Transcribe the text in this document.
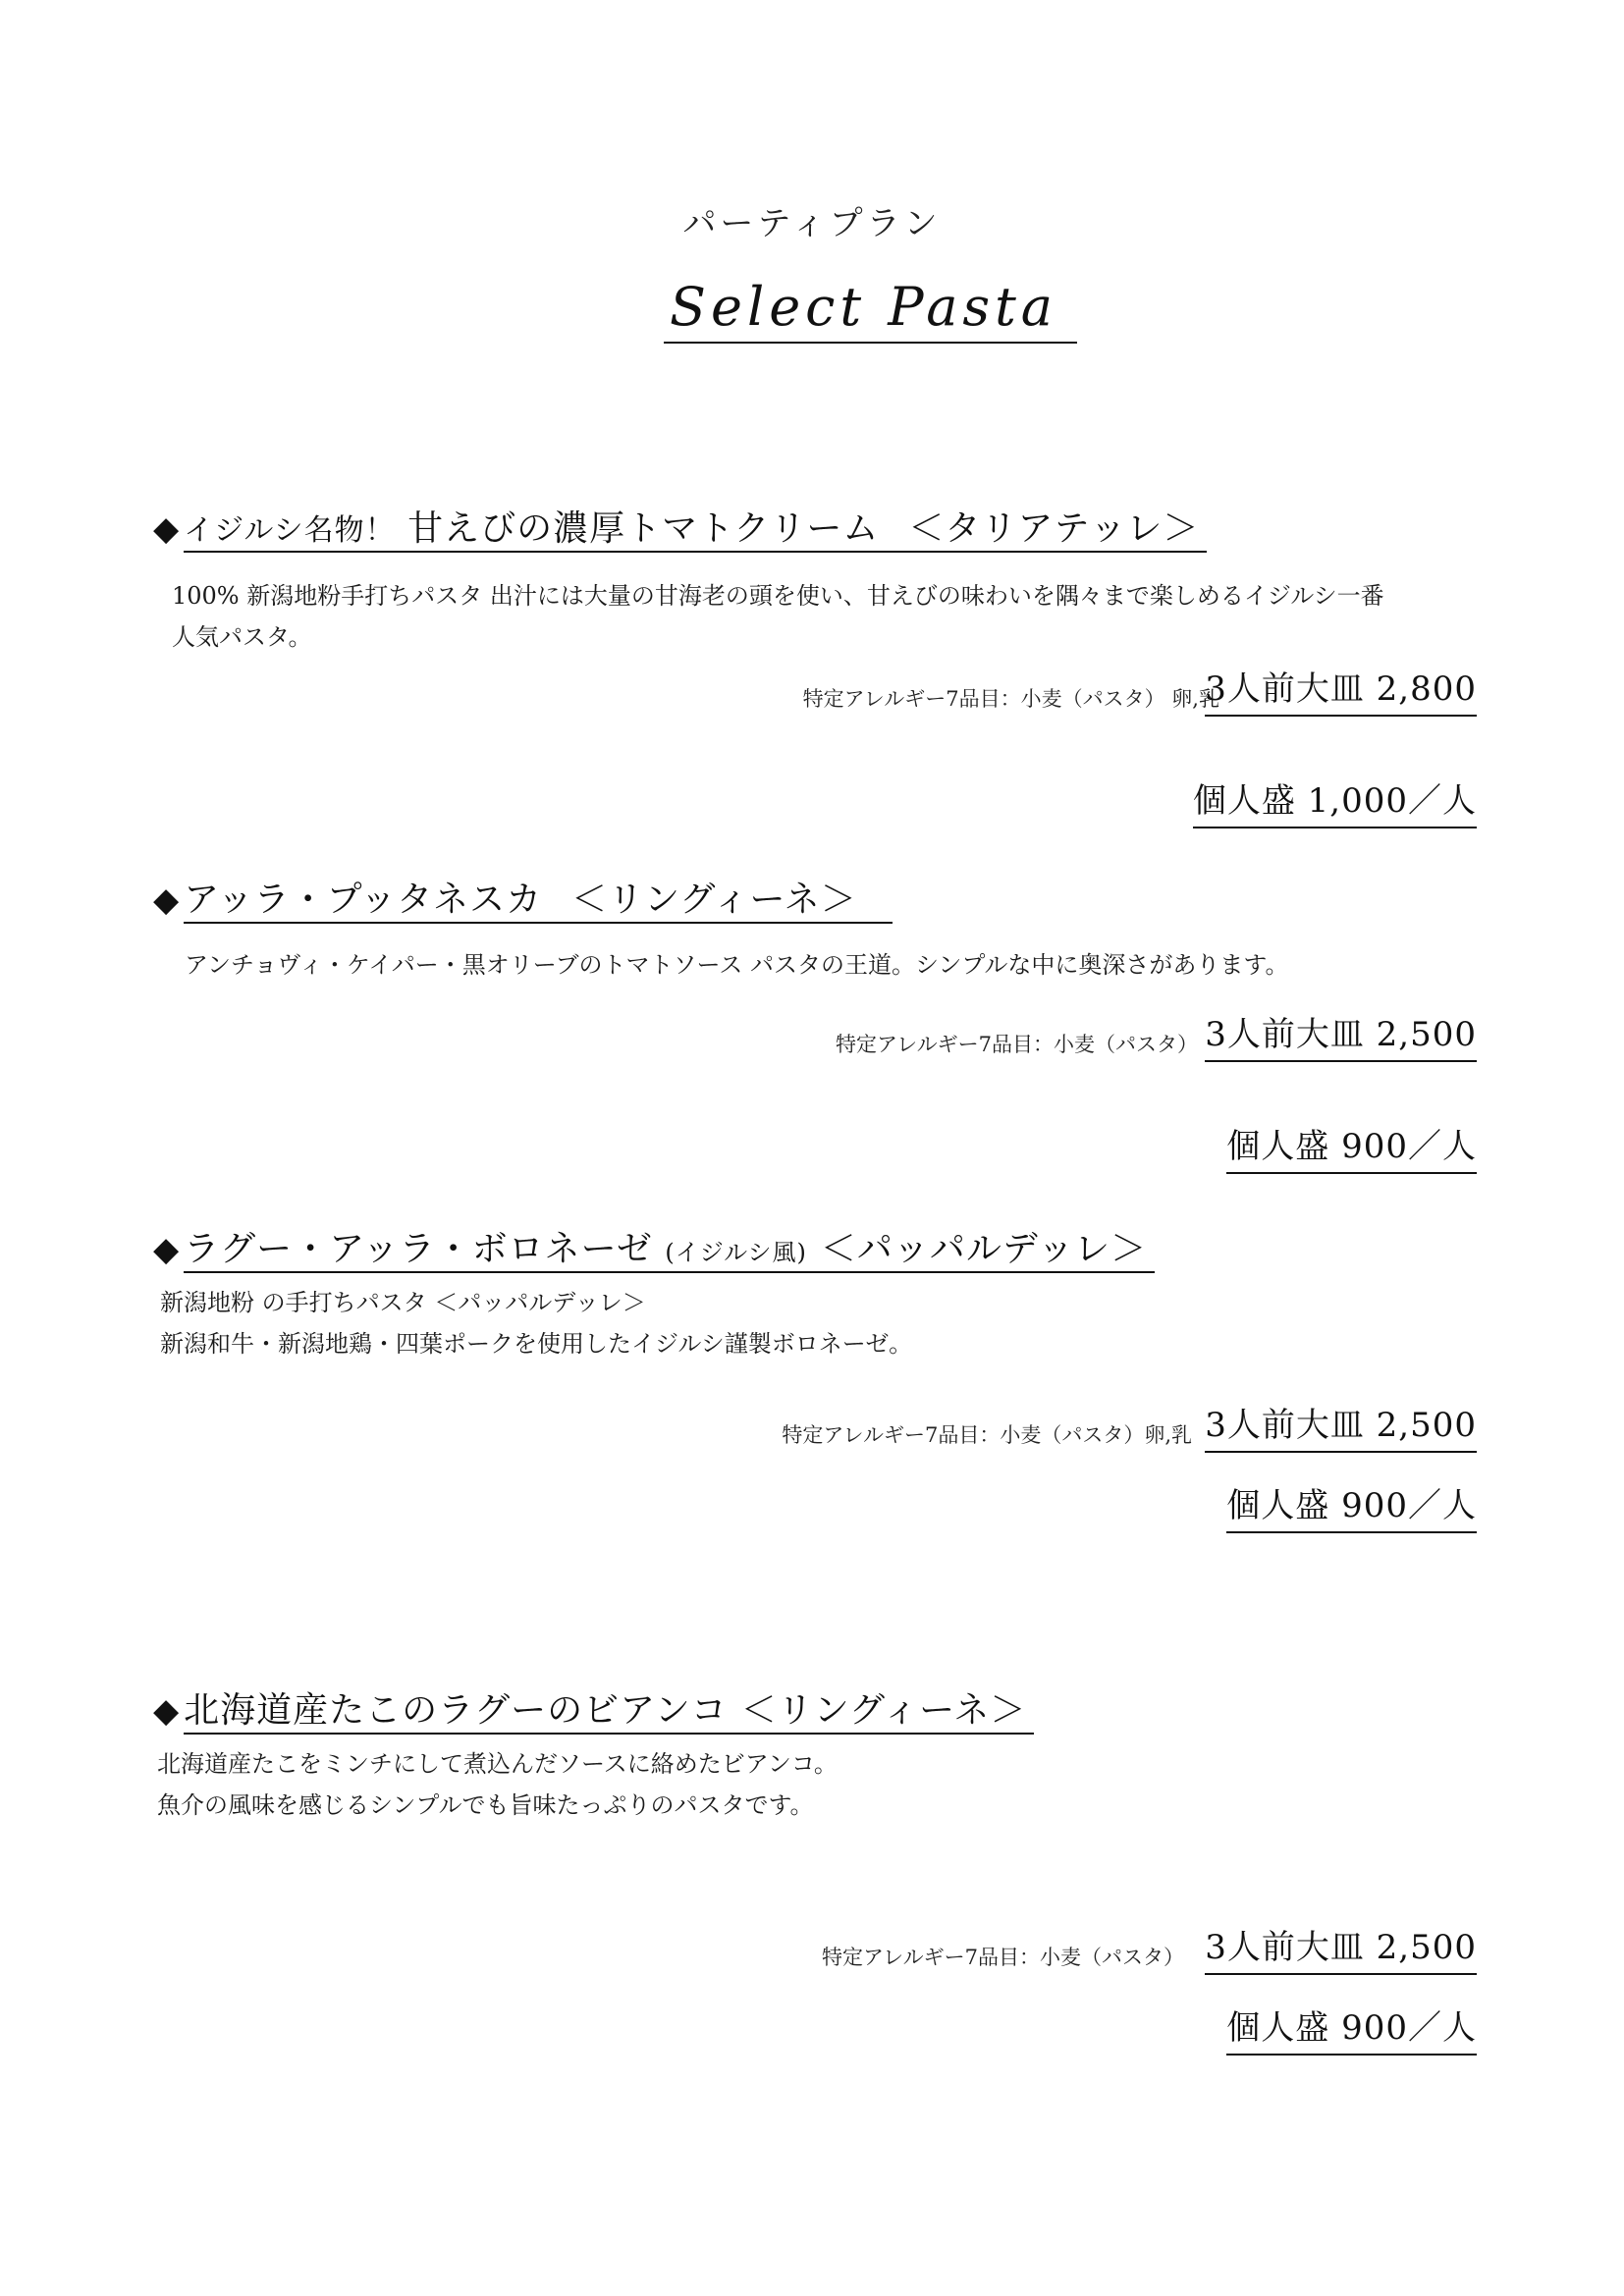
パーティプラン
Select Pasta
◆ イジルシ名物！ 甘えびの濃厚トマトクリーム ＜タリアテッレ＞
100% 新潟地粉手打ちパスタ 出汁には大量の甘海老の頭を使い、甘えびの味わいを隅々まで楽しめるイジルシ一番
人気パスタ。
特定アレルギー7品目：小麦（パスタ） 卵,乳
3人前大皿 2,800
個人盛 1,000／人
◆ アッラ・プッタネスカ ＜リングィーネ＞
アンチョヴィ・ケイパー・黒オリーブのトマトソース パスタの王道。シンプルな中に奥深さがあります。
特定アレルギー7品目：小麦（パスタ） 3人前大皿 2,500
個人盛 900／人
◆ ラグー・アッラ・ボロネーゼ (イジルシ風) ＜パッパルデッレ＞
新潟地粉 の手打ちパスタ ＜パッパルデッレ＞
新潟和牛・新潟地鶏・四葉ポークを使用したイジルシ謹製ボロネーゼ。
特定アレルギー7品目：小麦（パスタ）卵,乳 3人前大皿 2,500
個人盛 900／人
◆ 北海道産たこのラグーのビアンコ ＜リングィーネ＞
北海道産たこをミンチにして煮込んだソースに絡めたビアンコ。
魚介の風味を感じるシンプルでも旨味たっぷりのパスタです。
特定アレルギー7品目：小麦（パスタ） 3人前大皿 2,500
個人盛 900／人
